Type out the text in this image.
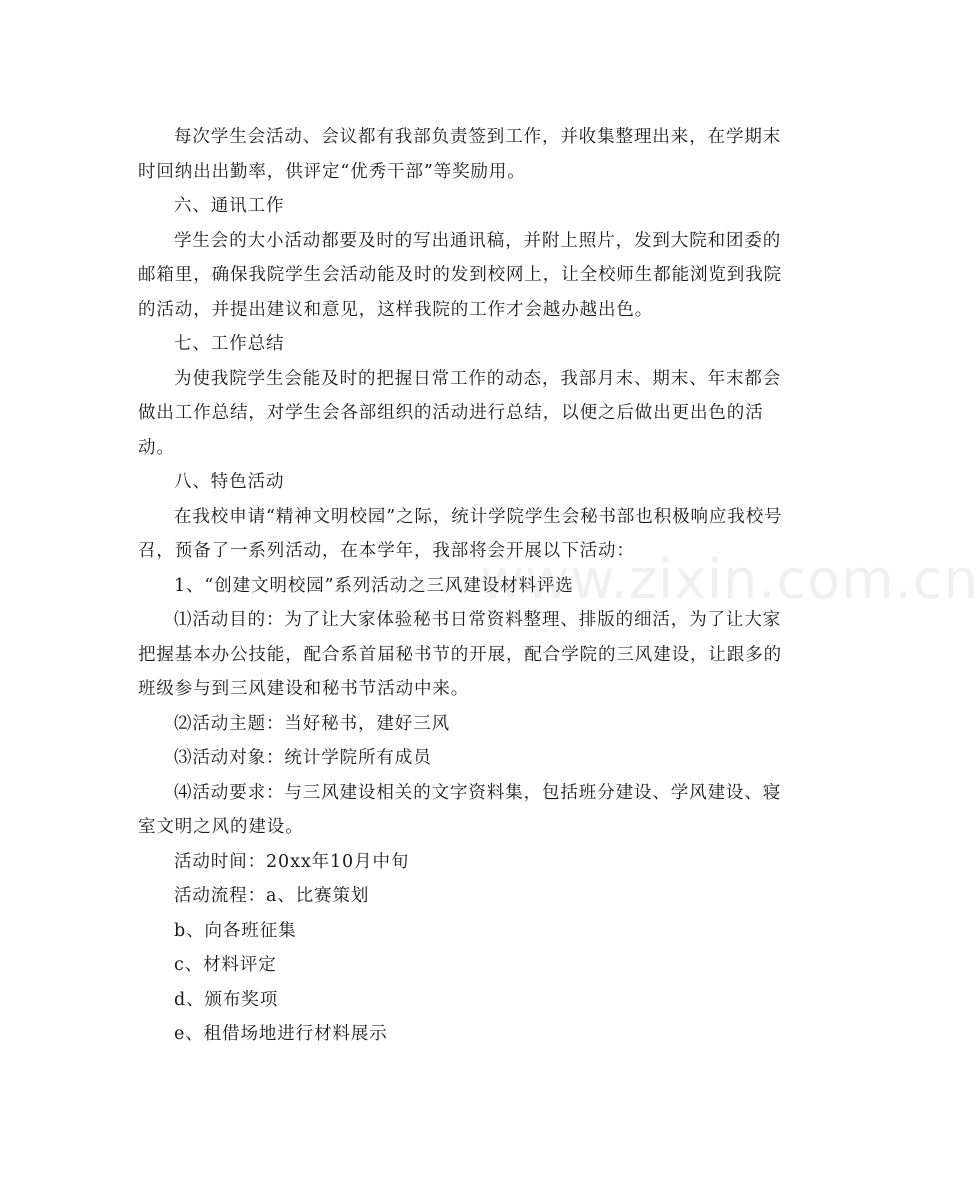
www.zixin.com.cn

每次学生会活动、会议都有我部负责签到工作，并收集整理出来，在学期末时回纳出出勤率，供评定“优秀干部”等奖励用。

六、通讯工作

学生会的大小活动都要及时的写出通讯稿，并附上照片，发到大院和团委的邮箱里，确保我院学生会活动能及时的发到校网上，让全校师生都能浏览到我院的活动，并提出建议和意见，这样我院的工作才会越办越出色。

七、工作总结

为使我院学生会能及时的把握日常工作的动态，我部月末、期末、年末都会做出工作总结，对学生会各部组织的活动进行总结，以便之后做出更出色的活动。

八、特色活动

在我校申请“精神文明校园”之际，统计学院学生会秘书部也积极响应我校号召，预备了一系列活动，在本学年，我部将会开展以下活动：

1、“创建文明校园”系列活动之三风建设材料评选

⑴活动目的：为了让大家体验秘书日常资料整理、排版的细活，为了让大家把握基本办公技能，配合系首届秘书节的开展，配合学院的三风建设，让跟多的班级参与到三风建设和秘书节活动中来。

⑵活动主题：当好秘书，建好三风

⑶活动对象：统计学院所有成员

⑷活动要求：与三风建设相关的文字资料集，包括班分建设、学风建设、寝室文明之风的建设。

活动时间：20xx年10月中旬

活动流程：a、比赛策划

b、向各班征集

c、材料评定

d、颁布奖项

e、租借场地进行材料展示
